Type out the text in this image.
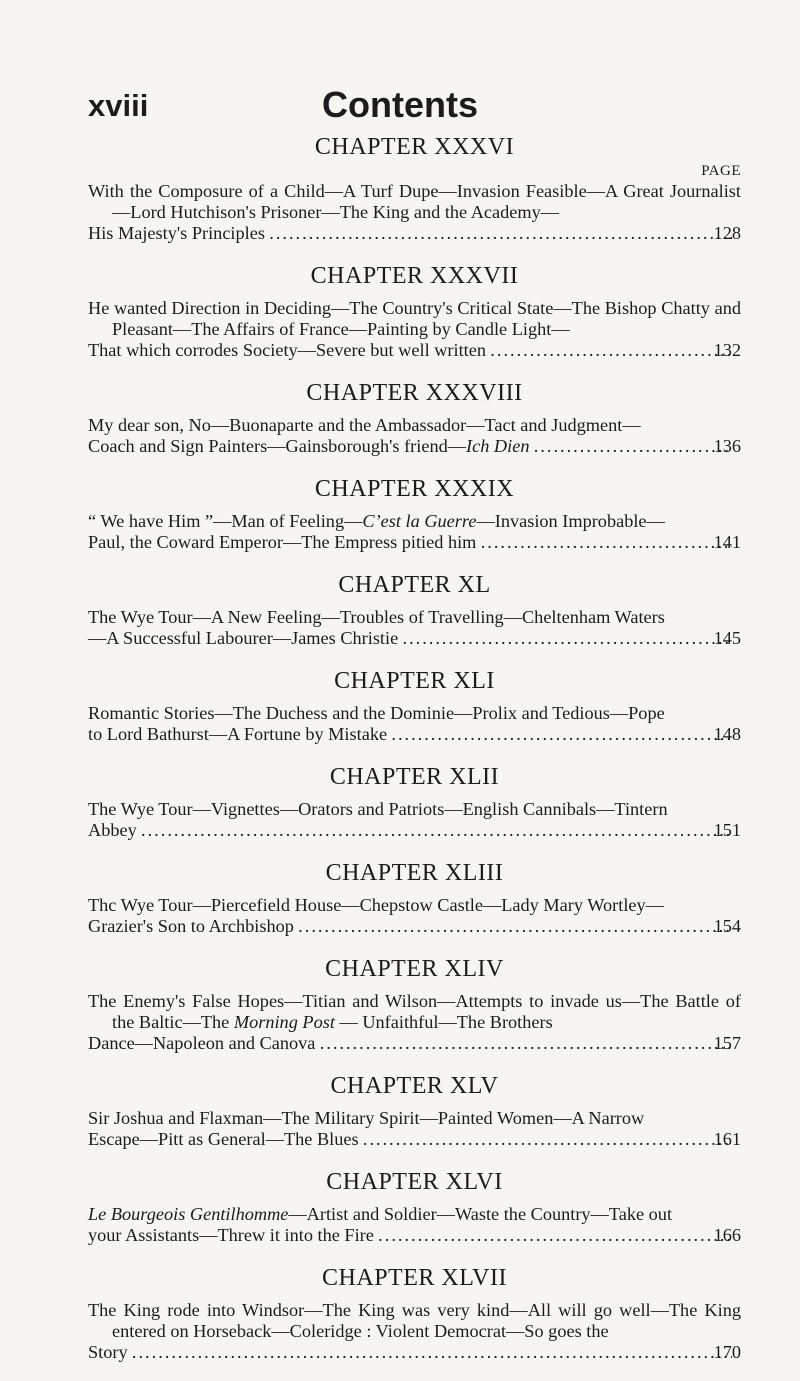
xviii	Contents
CHAPTER XXXVI
PAGE
With the Composure of a Child—A Turf Dupe—Invasion Feasible—A Great Journalist—Lord Hutchison's Prisoner—The King and the Academy—
His Majesty's Principles .....	128
CHAPTER XXXVII
He wanted Direction in Deciding—The Country's Critical State—The Bishop Chatty and Pleasant—The Affairs of France—Painting by Candle Light—
That which corrodes Society—Severe but well written .....	132
CHAPTER XXXVIII
My dear son, No—Buonaparte and the Ambassador—Tact and Judgment—
Coach and Sign Painters—Gainsborough's friend—Ich Dien .....	136
CHAPTER XXXIX
“ We have Him ”—Man of Feeling—C’est la Guerre—Invasion Improbable—
Paul, the Coward Emperor—The Empress pitied him .....	141
CHAPTER XL
The Wye Tour—A New Feeling—Troubles of Travelling—Cheltenham Waters
—A Successful Labourer—James Christie .....	145
CHAPTER XLI
Romantic Stories—The Duchess and the Dominie—Prolix and Tedious—Pope
to Lord Bathurst—A Fortune by Mistake .....	148
CHAPTER XLII
The Wye Tour—Vignettes—Orators and Patriots—English Cannibals—Tintern
Abbey .....	151
CHAPTER XLIII
Thc Wye Tour—Piercefield House—Chepstow Castle—Lady Mary Wortley—
Grazier's Son to Archbishop .....	154
CHAPTER XLIV
The Enemy's False Hopes—Titian and Wilson—Attempts to invade us—The Battle of the Baltic—The Morning Post — Unfaithful—The Brothers
Dance—Napoleon and Canova .....	157
CHAPTER XLV
Sir Joshua and Flaxman—The Military Spirit—Painted Women—A Narrow
Escape—Pitt as General—The Blues .....	161
CHAPTER XLVI
Le Bourgeois Gentilhomme—Artist and Soldier—Waste the Country—Take out
your Assistants—Threw it into the Fire .....	166
CHAPTER XLVII
The King rode into Windsor—The King was very kind—All will go well—The King entered on Horseback—Coleridge : Violent Democrat—So goes the
Story .....	170
